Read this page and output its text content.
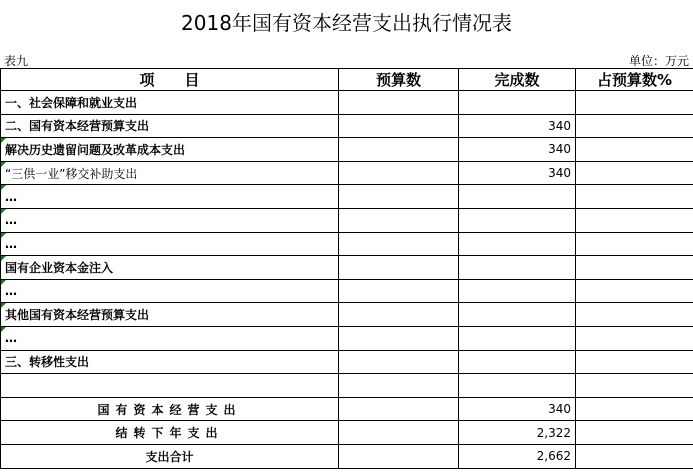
2018年国有资本经营支出执行情况表
表九	单位：万元
项　　目	预算数	完成数	占预算数%
一、社会保障和就业支出			
二、国有资本经营预算支出		340	

解决历史遗留问题及改革成本支出		340	

“三供一业”移交补助支出		340	

…			

…			

…			

国有企业资本金注入			

…			

其他国有资本经营预算支出			

…			
三、转移性支出			

国有资本经营支出		340	
结转下年支出		2,322	
支出合计		2,662	
